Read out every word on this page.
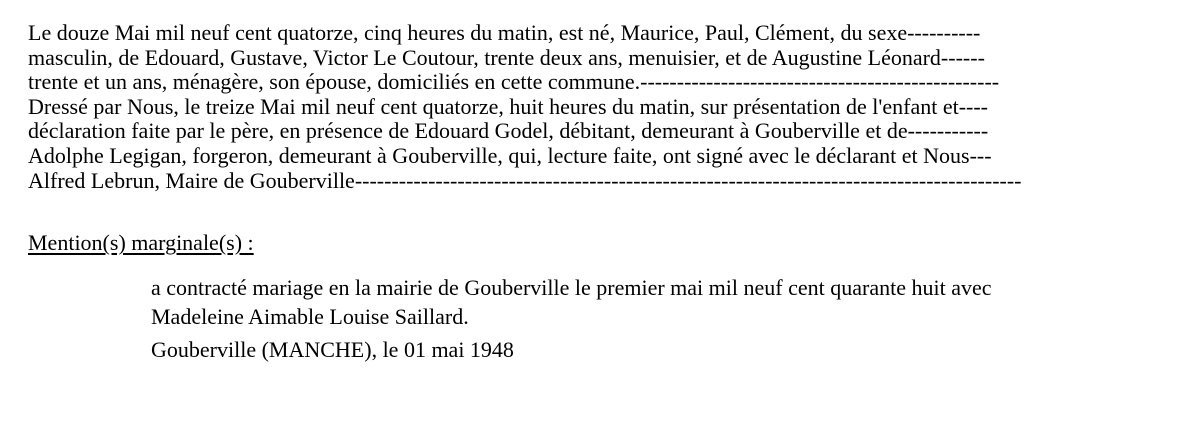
Le douze Mai mil neuf cent quatorze, cinq heures du matin, est né, Maurice, Paul, Clément, du sexe----------
masculin, de Edouard, Gustave, Victor Le Coutour, trente deux ans, menuisier, et de Augustine Léonard------
trente et un ans, ménagère, son épouse, domiciliés en cette commune.-------------------------------------------------
Dressé par Nous, le treize Mai mil neuf cent quatorze, huit heures du matin, sur présentation de l'enfant et----
déclaration faite par le père, en présence de Edouard Godel, débitant, demeurant à Gouberville et de-----------
Adolphe Legigan, forgeron, demeurant à Gouberville, qui, lecture faite, ont signé avec le déclarant et Nous---
Alfred Lebrun, Maire de Gouberville-------------------------------------------------------------------------------------------
Mention(s) marginale(s) :
a contracté mariage en la mairie de Gouberville le premier mai mil neuf cent quarante huit avec
Madeleine Aimable Louise Saillard.
Gouberville (MANCHE), le 01 mai 1948
